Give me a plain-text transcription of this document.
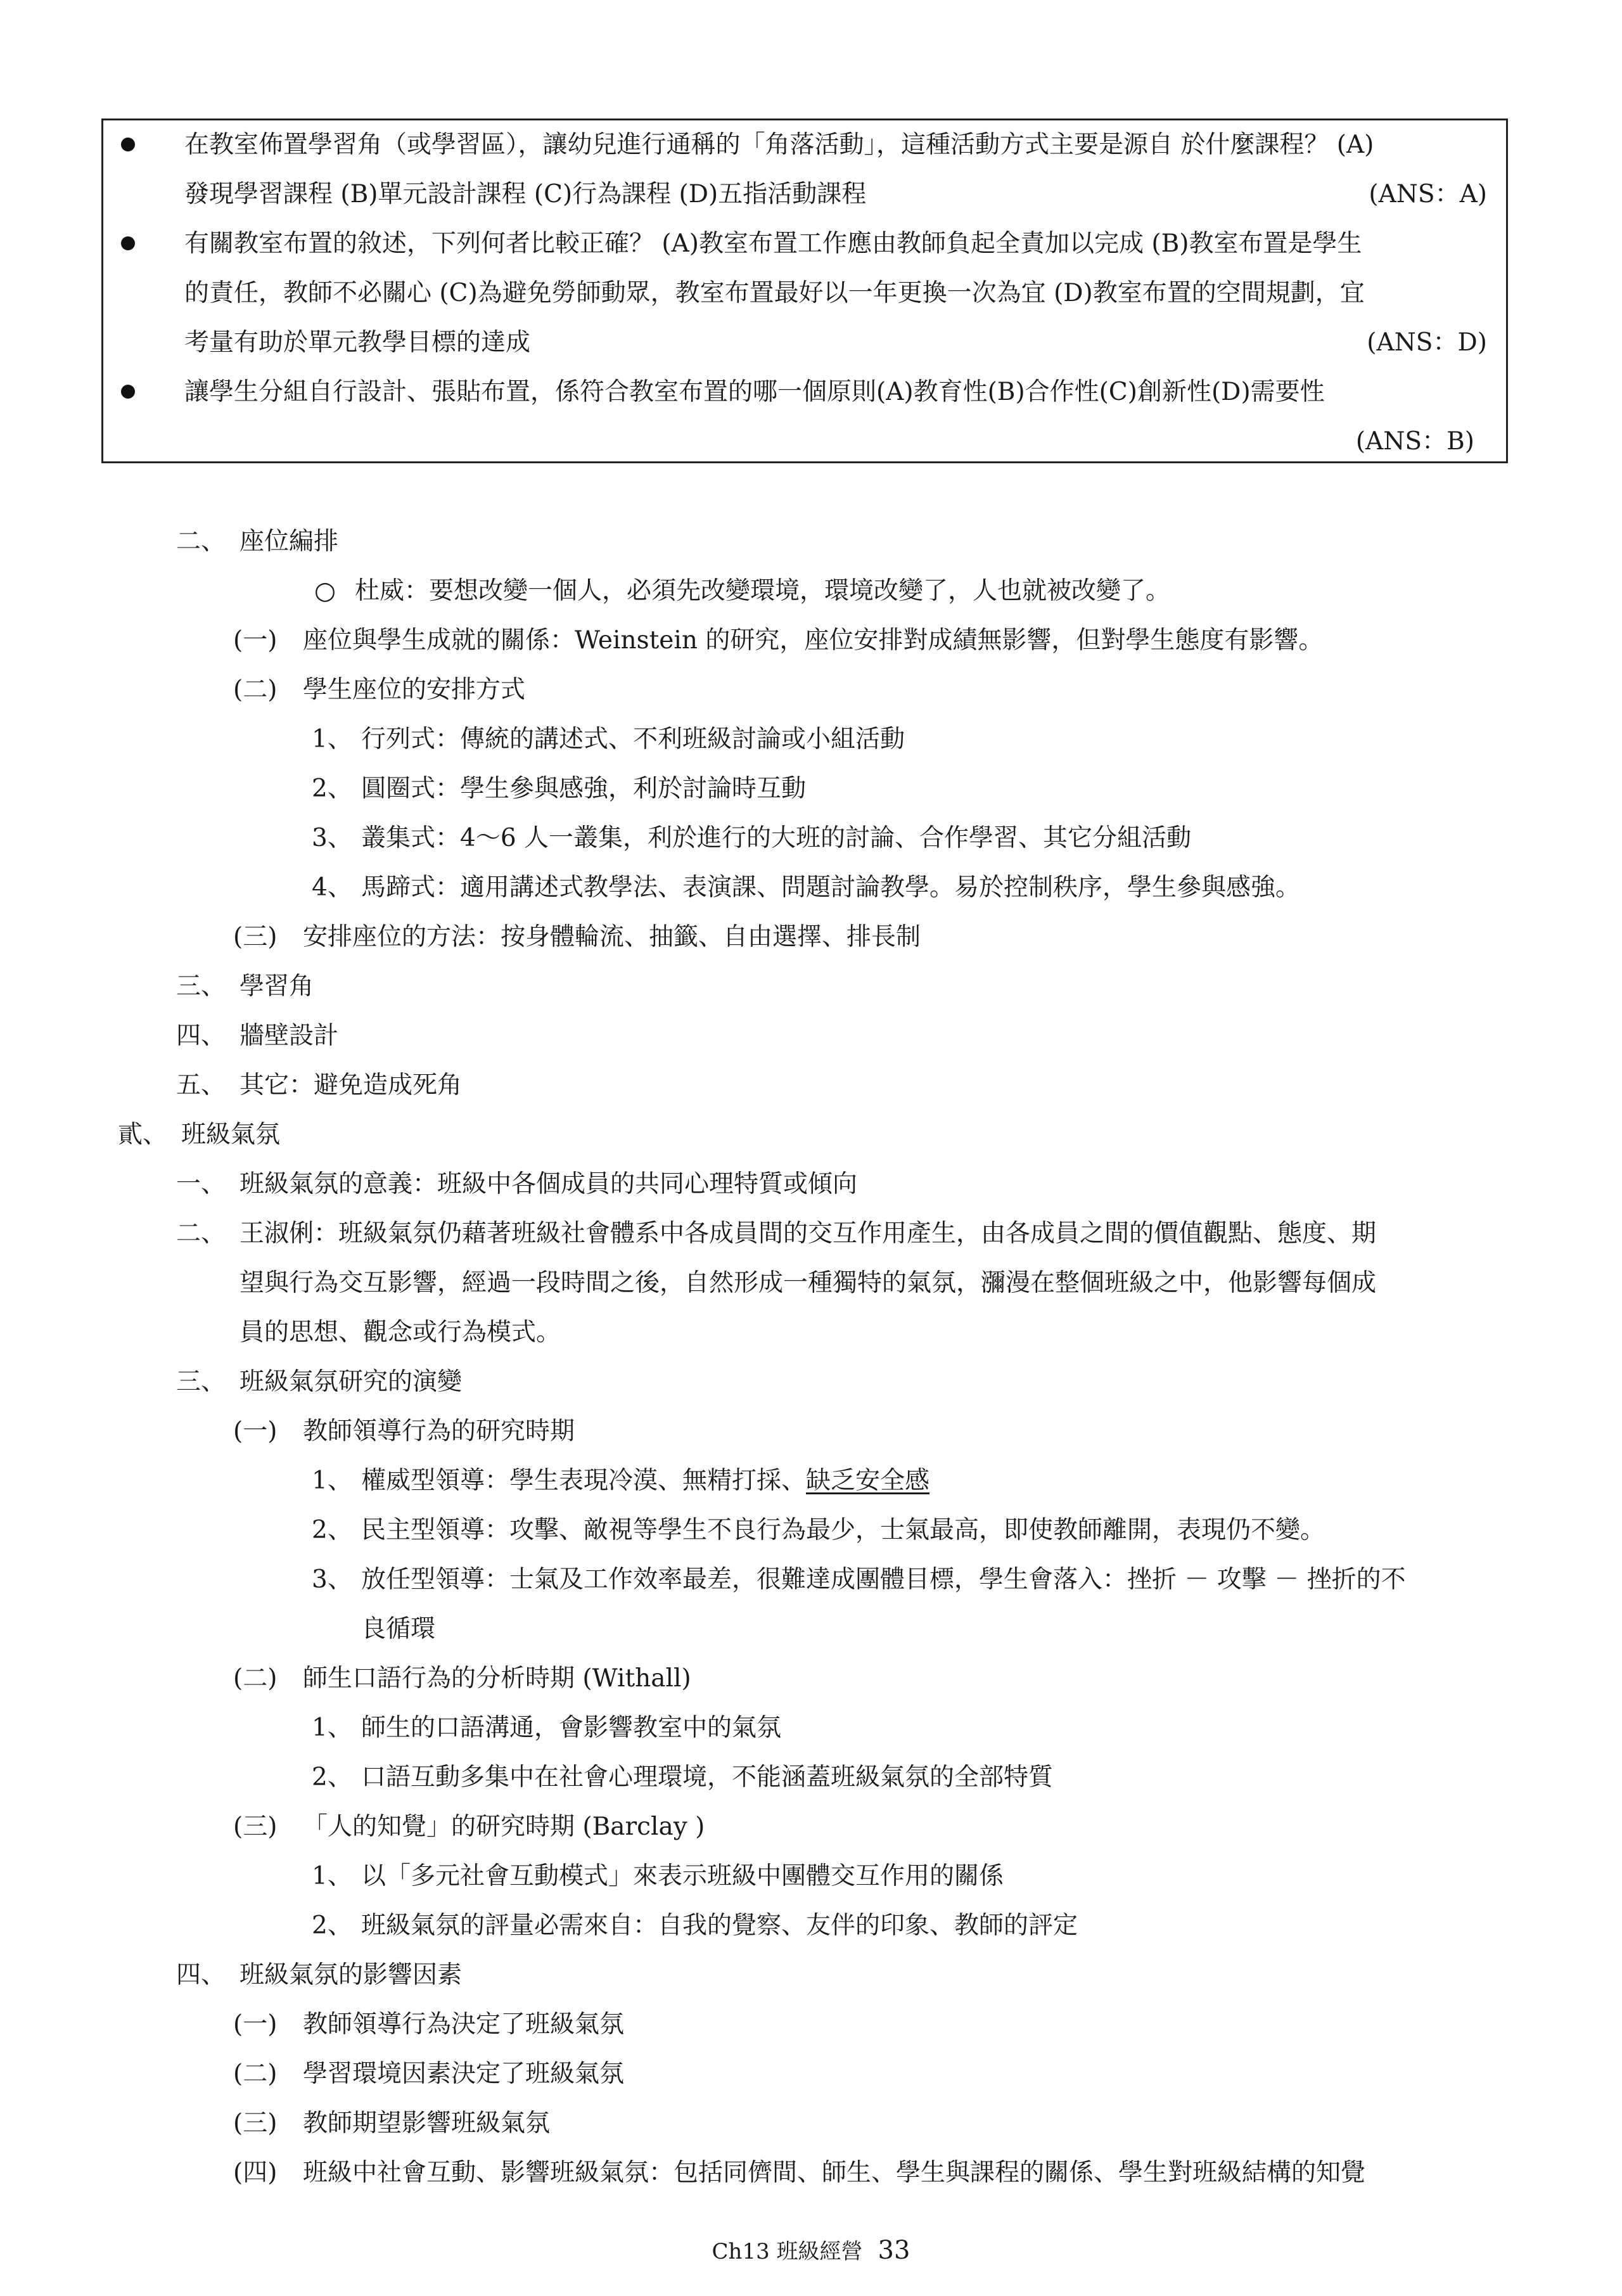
在教室佈置學習角（或學習區），讓幼兒進行通稱的「角落活動」，這種活動方式主要是源自 於什麼課程？ (A)
發現學習課程 (B)單元設計課程 (C)行為課程 (D)五指活動課程	(ANS：A)
有關教室布置的敘述，下列何者比較正確？ (A)教室布置工作應由教師負起全責加以完成 (B)教室布置是學生
的責任，教師不必關心 (C)為避免勞師動眾，教室布置最好以一年更換一次為宜 (D)教室布置的空間規劃，宜
考量有助於單元教學目標的達成	(ANS：D)
讓學生分組自行設計、張貼布置，係符合教室布置的哪一個原則(A)教育性(B)合作性(C)創新性(D)需要性
(ANS：B)
二、 座位編排
○ 杜威：要想改變一個人，必須先改變環境，環境改變了，人也就被改變了。
(一) 座位與學生成就的關係：Weinstein 的研究，座位安排對成績無影響，但對學生態度有影響。
(二) 學生座位的安排方式
1、 行列式：傳統的講述式、不利班級討論或小組活動
2、 圓圈式：學生參與感強，利於討論時互動
3、 叢集式：4～6 人一叢集，利於進行的大班的討論、合作學習、其它分組活動
4、 馬蹄式：適用講述式教學法、表演課、問題討論教學。易於控制秩序，學生參與感強。
(三) 安排座位的方法：按身體輪流、抽籤、自由選擇、排長制
三、 學習角
四、 牆壁設計
五、 其它：避免造成死角
貳、 班級氣氛
一、 班級氣氛的意義：班級中各個成員的共同心理特質或傾向
二、 王淑俐：班級氣氛仍藉著班級社會體系中各成員間的交互作用產生，由各成員之間的價值觀點、態度、期
望與行為交互影響，經過一段時間之後，自然形成一種獨特的氣氛，瀰漫在整個班級之中，他影響每個成
員的思想、觀念或行為模式。
三、 班級氣氛研究的演變
(一) 教師領導行為的研究時期
1、 權威型領導：學生表現冷漠、無精打採、缺乏安全感
2、 民主型領導：攻擊、敵視等學生不良行為最少，士氣最高，即使教師離開，表現仍不變。
3、 放任型領導：士氣及工作效率最差，很難達成團體目標，學生會落入：挫折 － 攻擊 － 挫折的不
良循環
(二) 師生口語行為的分析時期 (Withall)
1、 師生的口語溝通，會影響教室中的氣氛
2、 口語互動多集中在社會心理環境，不能涵蓋班級氣氛的全部特質
(三) 「人的知覺」的研究時期 (Barclay )
1、 以「多元社會互動模式」來表示班級中團體交互作用的關係
2、 班級氣氛的評量必需來自：自我的覺察、友伴的印象、教師的評定
四、 班級氣氛的影響因素
(一) 教師領導行為決定了班級氣氛
(二) 學習環境因素決定了班級氣氛
(三) 教師期望影響班級氣氛
(四) 班級中社會互動、影響班級氣氛：包括同儕間、師生、學生與課程的關係、學生對班級結構的知覺
Ch13 班級經營 33
